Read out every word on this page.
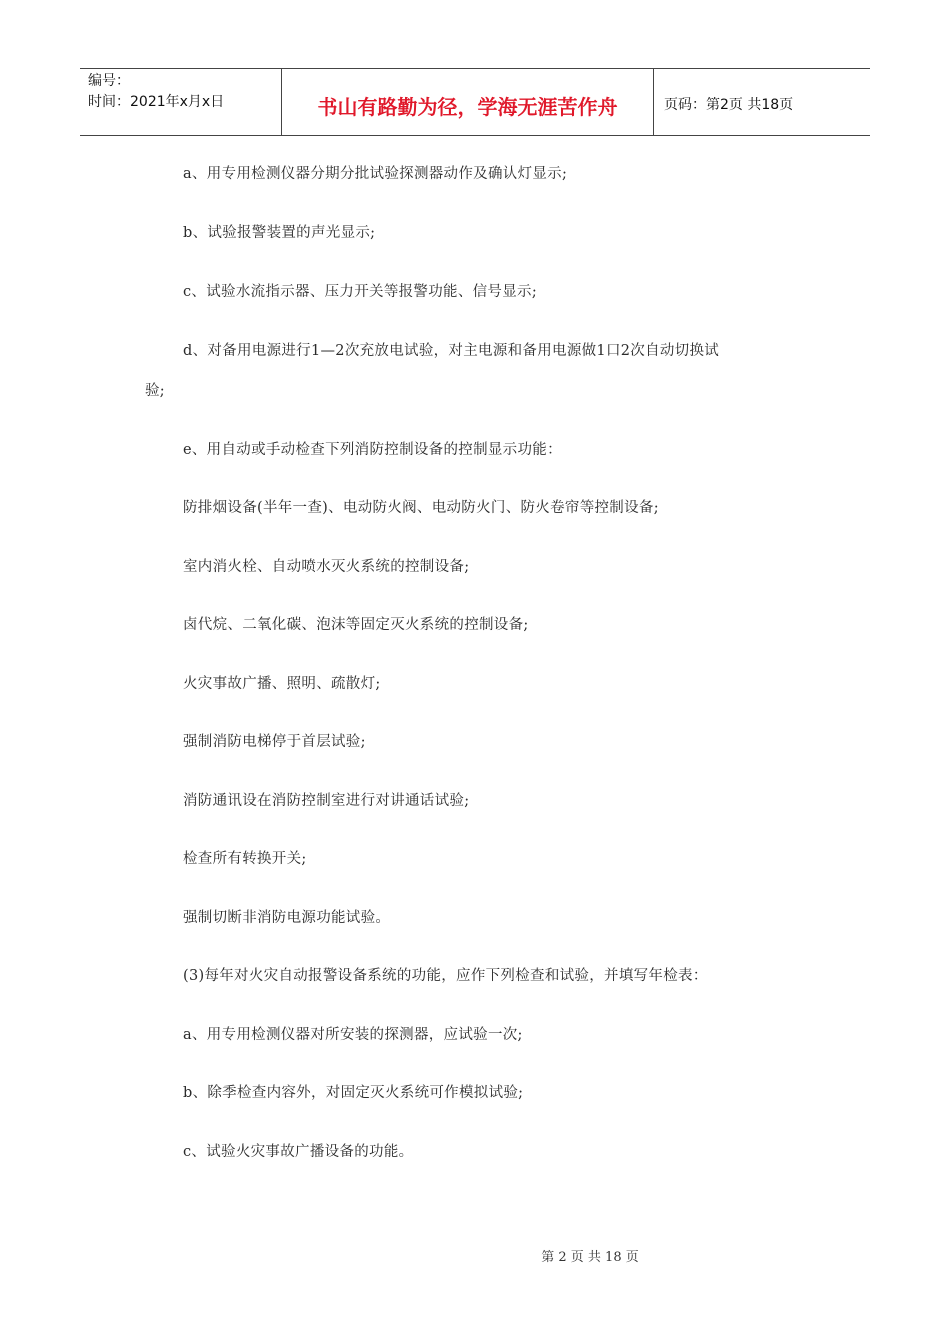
编号：
时间：2021年x月x日	书山有路勤为径，学海无涯苦作舟	页码：第2页 共18页
a、用专用检测仪器分期分批试验探测器动作及确认灯显示;
b、试验报警装置的声光显示;
c、试验水流指示器、压力开关等报警功能、信号显示;
d、对备用电源进行1—2次充放电试验，对主电源和备用电源做1口2次自动切换试
验;
e、用自动或手动检查下列消防控制设备的控制显示功能：
防排烟设备(半年一查)、电动防火阀、电动防火门、防火卷帘等控制设备;
室内消火栓、自动喷水灭火系统的控制设备;
卤代烷、二氧化碳、泡沫等固定灭火系统的控制设备;
火灾事故广播、照明、疏散灯;
强制消防电梯停于首层试验;
消防通讯设在消防控制室进行对讲通话试验;
检查所有转换开关;
强制切断非消防电源功能试验。
(3)每年对火灾自动报警设备系统的功能，应作下列检查和试验，并填写年检表：
a、用专用检测仪器对所安装的探测器，应试验一次;
b、除季检查内容外，对固定灭火系统可作模拟试验;
c、试验火灾事故广播设备的功能。
第 2 页 共 18 页
